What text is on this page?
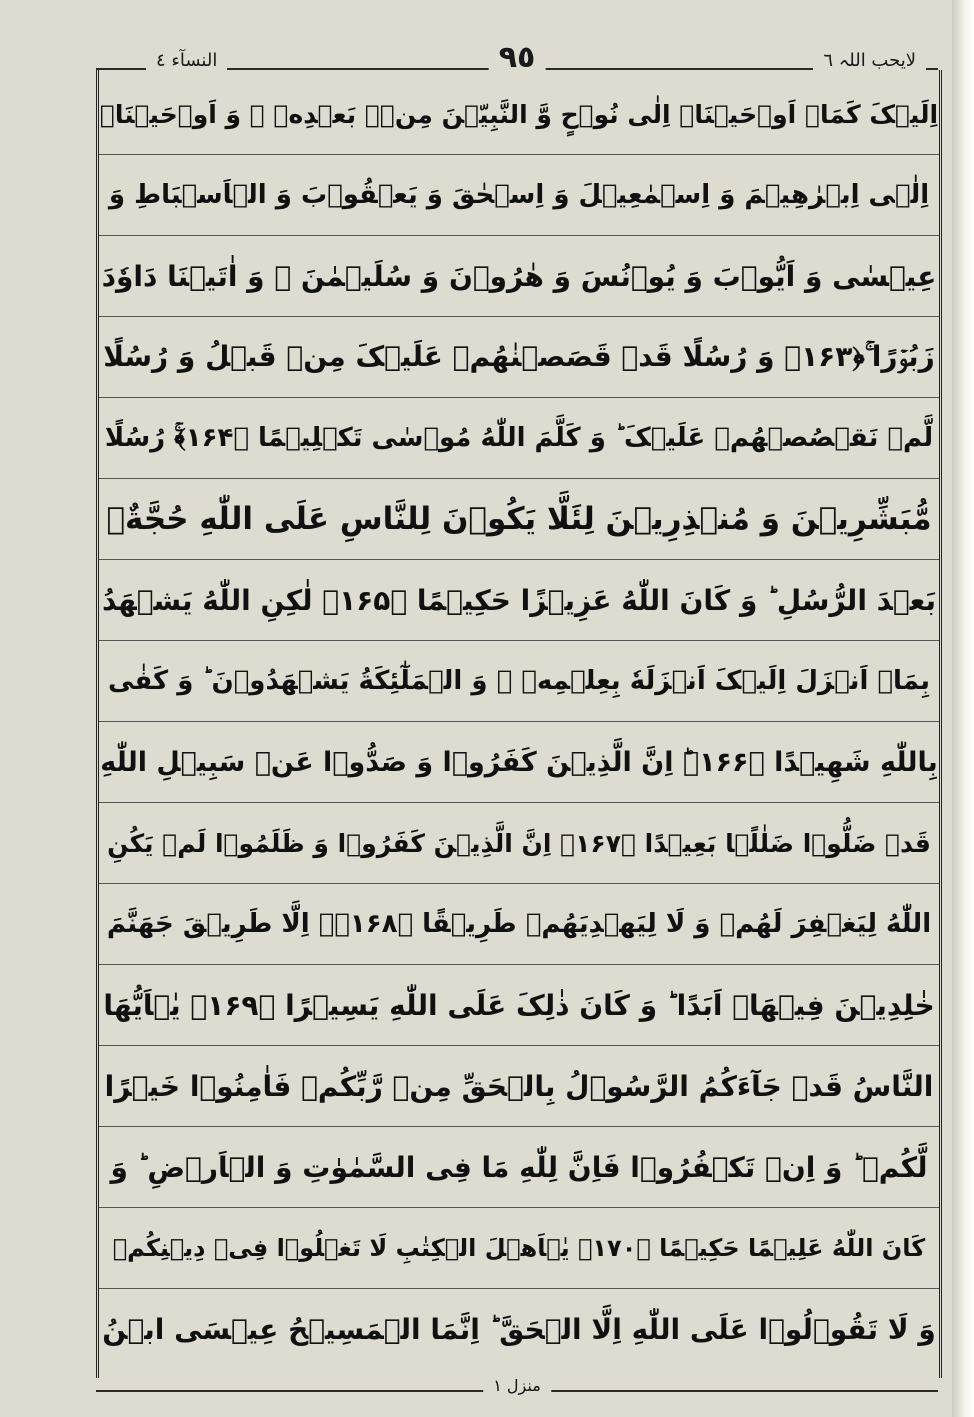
لایحب اللہ ٦
٩٥
النسآء ٤
اِلَیۡکَ کَمَاۤ اَوۡحَیۡنَاۤ اِلٰی نُوۡحٍ وَّ النَّبِیّٖنَ مِنۡۢ بَعۡدِهٖ ۚ وَ اَوۡحَیۡنَاۤ
اِلٰۤی اِبۡرٰهِیۡمَ وَ اِسۡمٰعِیۡلَ وَ اِسۡحٰقَ وَ یَعۡقُوۡبَ وَ الۡاَسۡبَاطِ وَ
عِیۡسٰی وَ اَیُّوۡبَ وَ یُوۡنُسَ وَ هٰرُوۡنَ وَ سُلَیۡمٰنَ ۚ وَ اٰتَیۡنَا دَاوٗدَ
زَبُوۡرًا ۚ﴿۱۶۳﴾ وَ رُسُلًا قَدۡ قَصَصۡنٰهُمۡ عَلَیۡکَ مِنۡ قَبۡلُ وَ رُسُلًا
لَّمۡ نَقۡصُصۡهُمۡ عَلَیۡکَ ؕ وَ کَلَّمَ اللّٰهُ مُوۡسٰی تَکۡلِیۡمًا ﴿۱۶۴﴾ۚ رُسُلًا
مُّبَشِّرِیۡنَ وَ مُنۡذِرِیۡنَ لِئَلَّا یَکُوۡنَ لِلنَّاسِ عَلَی اللّٰهِ حُجَّةٌۢ
بَعۡدَ الرُّسُلِ ؕ وَ کَانَ اللّٰهُ عَزِیۡزًا حَکِیۡمًا ﴿۱۶۵﴾ لٰکِنِ اللّٰهُ یَشۡهَدُ
بِمَاۤ اَنۡزَلَ اِلَیۡکَ اَنۡزَلَهٗ بِعِلۡمِهٖ ۚ وَ الۡمَلٰٓئِکَةُ یَشۡهَدُوۡنَ ؕ وَ کَفٰی
بِاللّٰهِ شَهِیۡدًا ﴿۱۶۶﴾ؕ اِنَّ الَّذِیۡنَ کَفَرُوۡا وَ صَدُّوۡا عَنۡ سَبِیۡلِ اللّٰهِ
قَدۡ ضَلُّوۡا ضَلٰلًۢا بَعِیۡدًا ﴿۱۶۷﴾ اِنَّ الَّذِیۡنَ کَفَرُوۡا وَ ظَلَمُوۡا لَمۡ یَکُنِ
اللّٰهُ لِیَغۡفِرَ لَهُمۡ وَ لَا لِیَهۡدِیَهُمۡ طَرِیۡقًا ﴿۱۶۸﴾ۙ اِلَّا طَرِیۡقَ جَهَنَّمَ
خٰلِدِیۡنَ فِیۡهَاۤ اَبَدًا ؕ وَ کَانَ ذٰلِکَ عَلَی اللّٰهِ یَسِیۡرًا ﴿۱۶۹﴾ یٰۤاَیُّهَا
النَّاسُ قَدۡ جَآءَکُمُ الرَّسُوۡلُ بِالۡحَقِّ مِنۡ رَّبِّکُمۡ فَاٰمِنُوۡا خَیۡرًا
لَّکُمۡ ؕ وَ اِنۡ تَکۡفُرُوۡا فَاِنَّ لِلّٰهِ مَا فِی السَّمٰوٰتِ وَ الۡاَرۡضِ ؕ وَ
کَانَ اللّٰهُ عَلِیۡمًا حَکِیۡمًا ﴿۱۷۰﴾ یٰۤاَهۡلَ الۡکِتٰبِ لَا تَغۡلُوۡا فِیۡ دِیۡنِکُمۡ
وَ لَا تَقُوۡلُوۡا عَلَی اللّٰهِ اِلَّا الۡحَقَّ ؕ اِنَّمَا الۡمَسِیۡحُ عِیۡسَی ابۡنُ
منزل ١
